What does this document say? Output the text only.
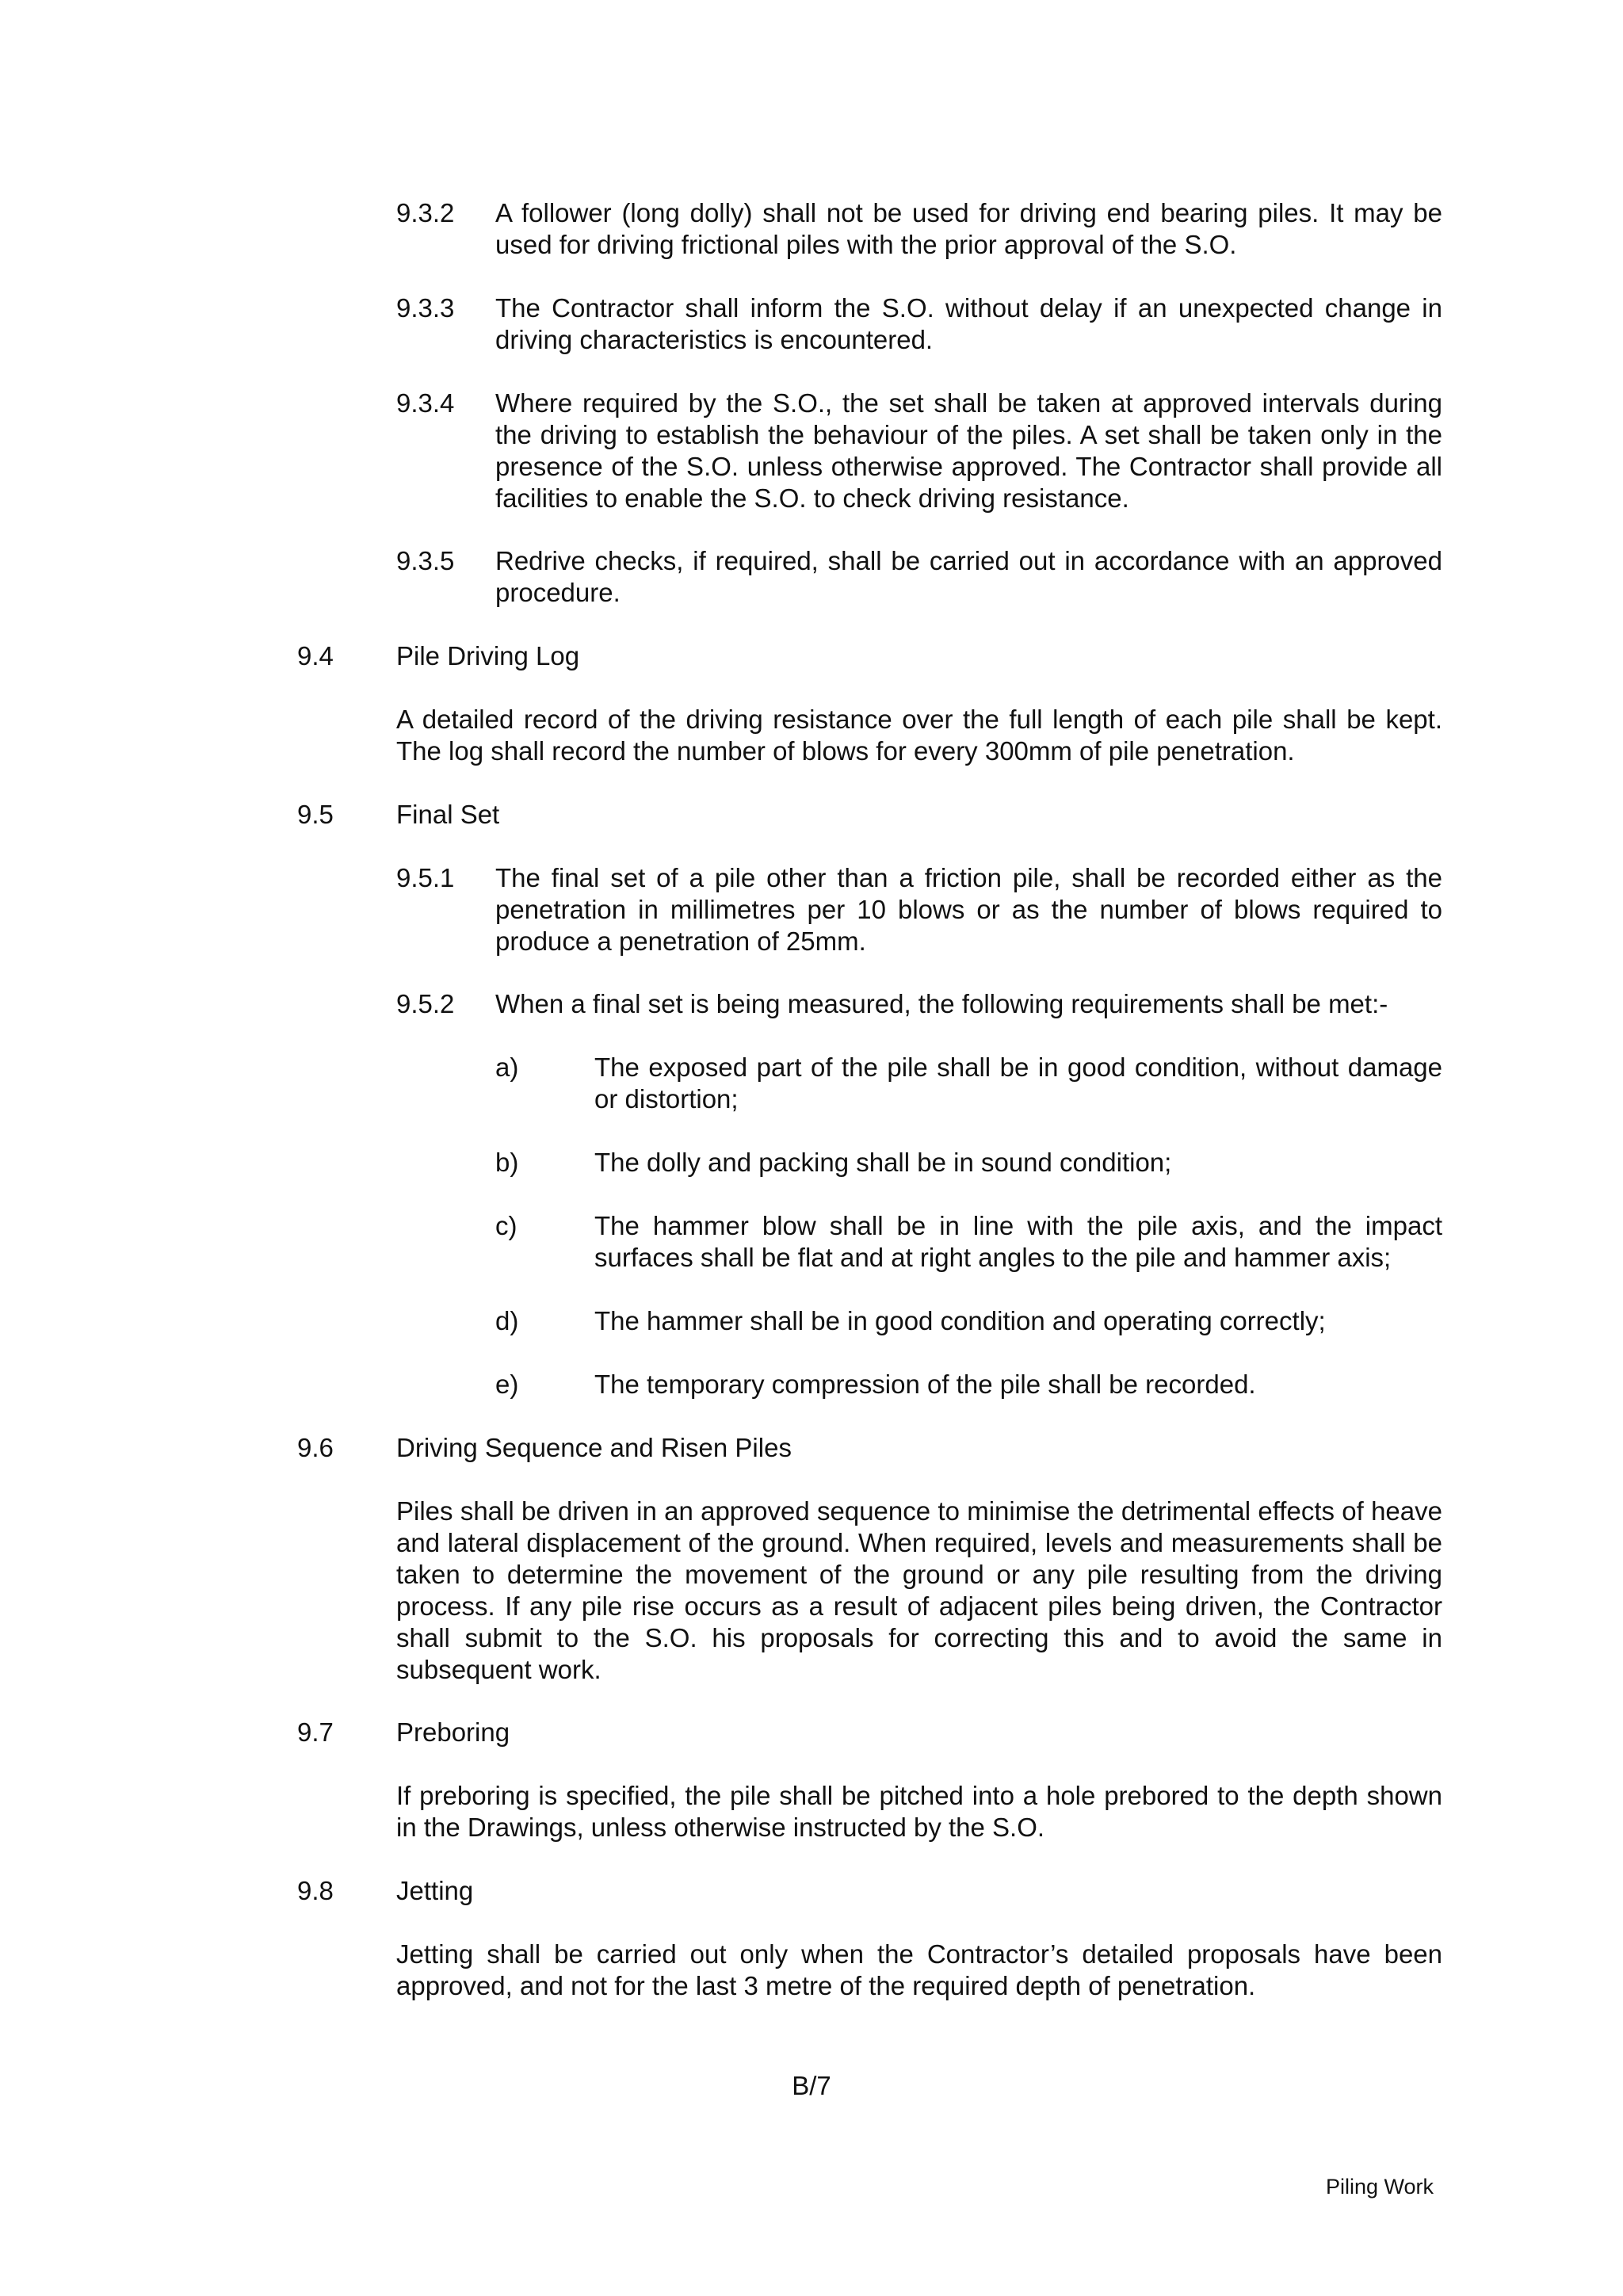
9.3.2 A follower (long dolly) shall not be used for driving end bearing piles. It may be used for driving frictional piles with the prior approval of the S.O.
9.3.3 The Contractor shall inform the S.O. without delay if an unexpected change in driving characteristics is encountered.
9.3.4 Where required by the S.O., the set shall be taken at approved intervals during the driving to establish the behaviour of the piles. A set shall be taken only in the presence of the S.O. unless otherwise approved. The Contractor shall provide all facilities to enable the S.O. to check driving resistance.
9.3.5 Redrive checks, if required, shall be carried out in accordance with an approved procedure.
9.4 Pile Driving Log
A detailed record of the driving resistance over the full length of each pile shall be kept. The log shall record the number of blows for every 300mm of pile penetration.
9.5 Final Set
9.5.1 The final set of a pile other than a friction pile, shall be recorded either as the penetration in millimetres per 10 blows or as the number of blows required to produce a penetration of 25mm.
9.5.2 When a final set is being measured, the following requirements shall be met:-
a)	The exposed part of the pile shall be in good condition, without damage or distortion;
b)	The dolly and packing shall be in sound condition;
c)	The hammer blow shall be in line with the pile axis, and the impact surfaces shall be flat and at right angles to the pile and hammer axis;
d)	The hammer shall be in good condition and operating correctly;
e)	The temporary compression of the pile shall be recorded.
9.6 Driving Sequence and Risen Piles
Piles shall be driven in an approved sequence to minimise the detrimental effects of heave and lateral displacement of the ground. When required, levels and measurements shall be taken to determine the movement of the ground or any pile resulting from the driving process. If any pile rise occurs as a result of adjacent piles being driven, the Contractor shall submit to the S.O. his proposals for correcting this and to avoid the same in subsequent work.
9.7 Preboring
If preboring is specified, the pile shall be pitched into a hole prebored to the depth shown in the Drawings, unless otherwise instructed by the S.O.
9.8 Jetting
Jetting shall be carried out only when the Contractor’s detailed proposals have been approved, and not for the last 3 metre of the required depth of penetration.
B/7
Piling Work
